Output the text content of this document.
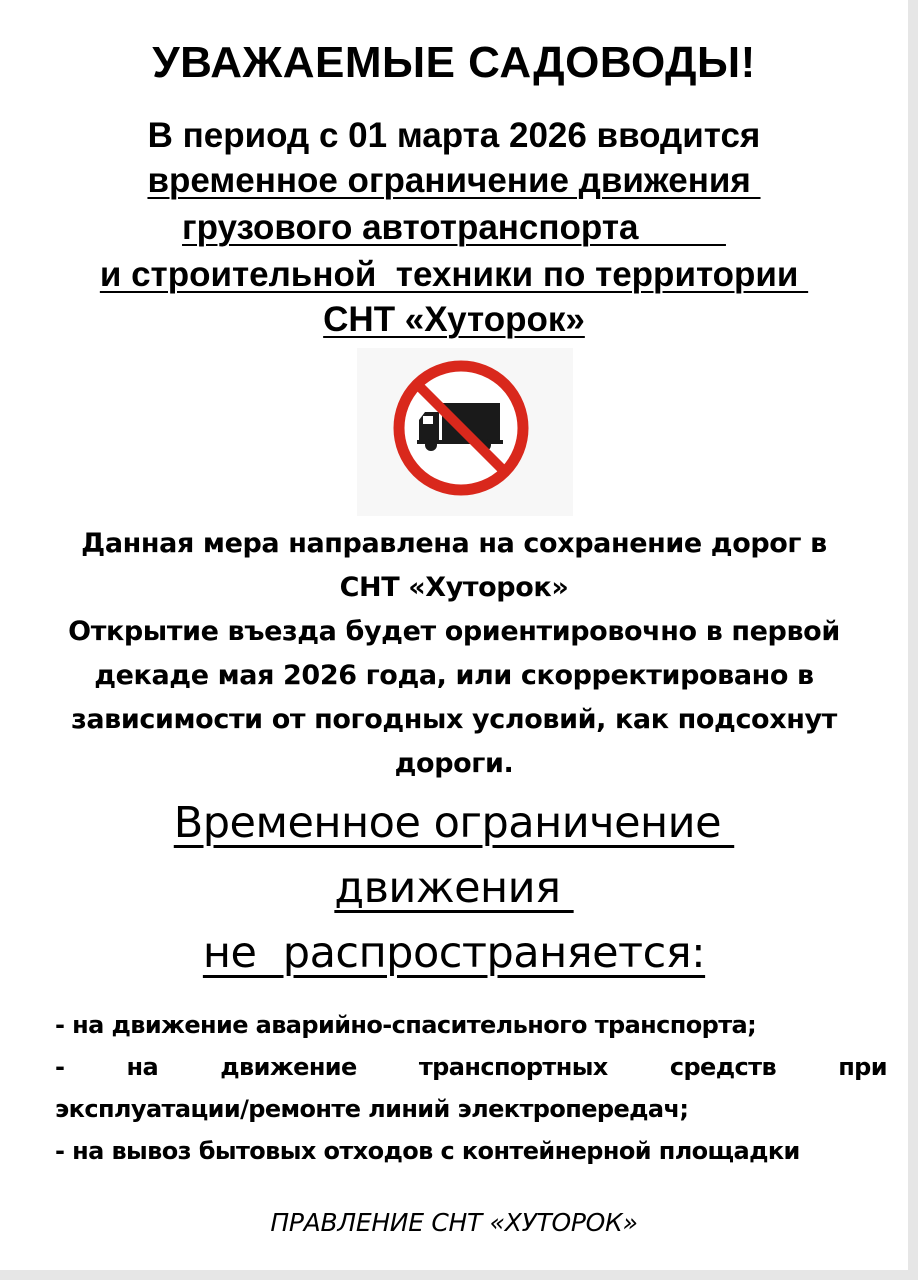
УВАЖАЕМЫЕ САДОВОДЫ!

В период с 01 марта 2026 вводится

временное ограничение движения

грузового автотранспорта

и строительной  техники по территории

СНТ «Хуторок»

Данная мера направлена на сохранение дорог в

СНТ «Хуторок»

Открытие въезда будет ориентировочно в первой

декаде мая 2026 года, или скорректировано в

зависимости от погодных условий, как подсохнут

дороги.

Временное ограничение

движения

не  распространяется:

- на движение аварийно-спасительного транспорта;

-	на	движение	транспортных	средств	при

эксплуатации/ремонте линий электропередач;

- на вывоз бытовых отходов с контейнерной площадки

ПРАВЛЕНИЕ СНТ «ХУТОРОК»
